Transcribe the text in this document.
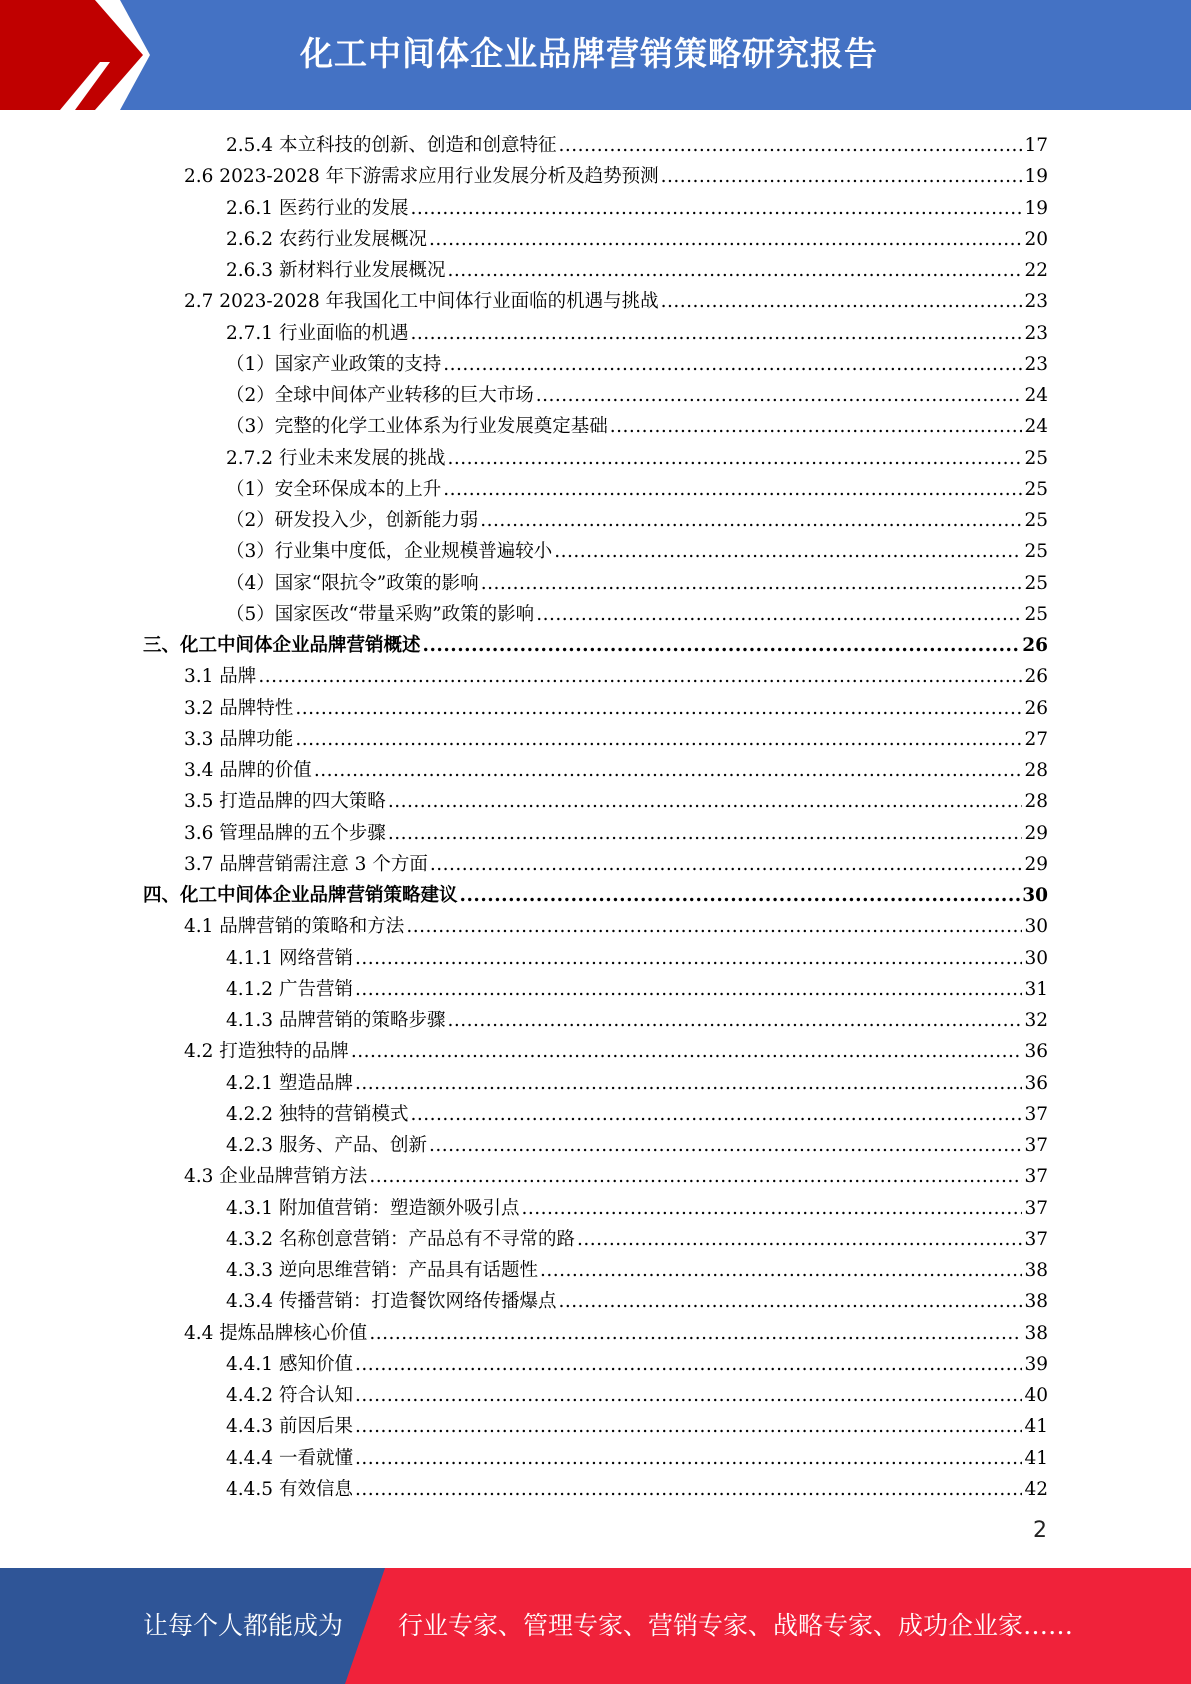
化工中间体企业品牌营销策略研究报告
2.5.4 本立科技的创新、创造和创意特征 .....	17
2.6 2023-2028 年下游需求应用行业发展分析及趋势预测 .....	19
2.6.1 医药行业的发展 .....	19
2.6.2 农药行业发展概况 .....	20
2.6.3 新材料行业发展概况 .....	22
2.7 2023-2028 年我国化工中间体行业面临的机遇与挑战 .....	23
2.7.1 行业面临的机遇 .....	23
（1）国家产业政策的支持 .....	23
（2）全球中间体产业转移的巨大市场 .....	24
（3）完整的化学工业体系为行业发展奠定基础 .....	24
2.7.2 行业未来发展的挑战 .....	25
（1）安全环保成本的上升 .....	25
（2）研发投入少，创新能力弱 .....	25
（3）行业集中度低，企业规模普遍较小 .....	25
（4）国家“限抗令”政策的影响 .....	25
（5）国家医改“带量采购”政策的影响 .....	25
三、化工中间体企业品牌营销概述 .....	26
3.1 品牌 .....	26
3.2 品牌特性 .....	26
3.3 品牌功能 .....	27
3.4 品牌的价值 .....	28
3.5 打造品牌的四大策略 .....	28
3.6 管理品牌的五个步骤 .....	29
3.7 品牌营销需注意 3 个方面 .....	29
四、化工中间体企业品牌营销策略建议 .....	30
4.1 品牌营销的策略和方法 .....	30
4.1.1 网络营销 .....	30
4.1.2 广告营销 .....	31
4.1.3 品牌营销的策略步骤 .....	32
4.2 打造独特的品牌 .....	36
4.2.1 塑造品牌 .....	36
4.2.2 独特的营销模式 .....	37
4.2.3 服务、产品、创新 .....	37
4.3 企业品牌营销方法 .....	37
4.3.1 附加值营销：塑造额外吸引点 .....	37
4.3.2 名称创意营销：产品总有不寻常的路 .....	37
4.3.3 逆向思维营销：产品具有话题性 .....	38
4.3.4 传播营销：打造餐饮网络传播爆点 .....	38
4.4 提炼品牌核心价值 .....	38
4.4.1 感知价值 .....	39
4.4.2 符合认知 .....	40
4.4.3 前因后果 .....	41
4.4.4 一看就懂 .....	41
4.4.5 有效信息 .....	42
2
让每个人都能成为 行业专家、管理专家、营销专家、战略专家、成功企业家……
